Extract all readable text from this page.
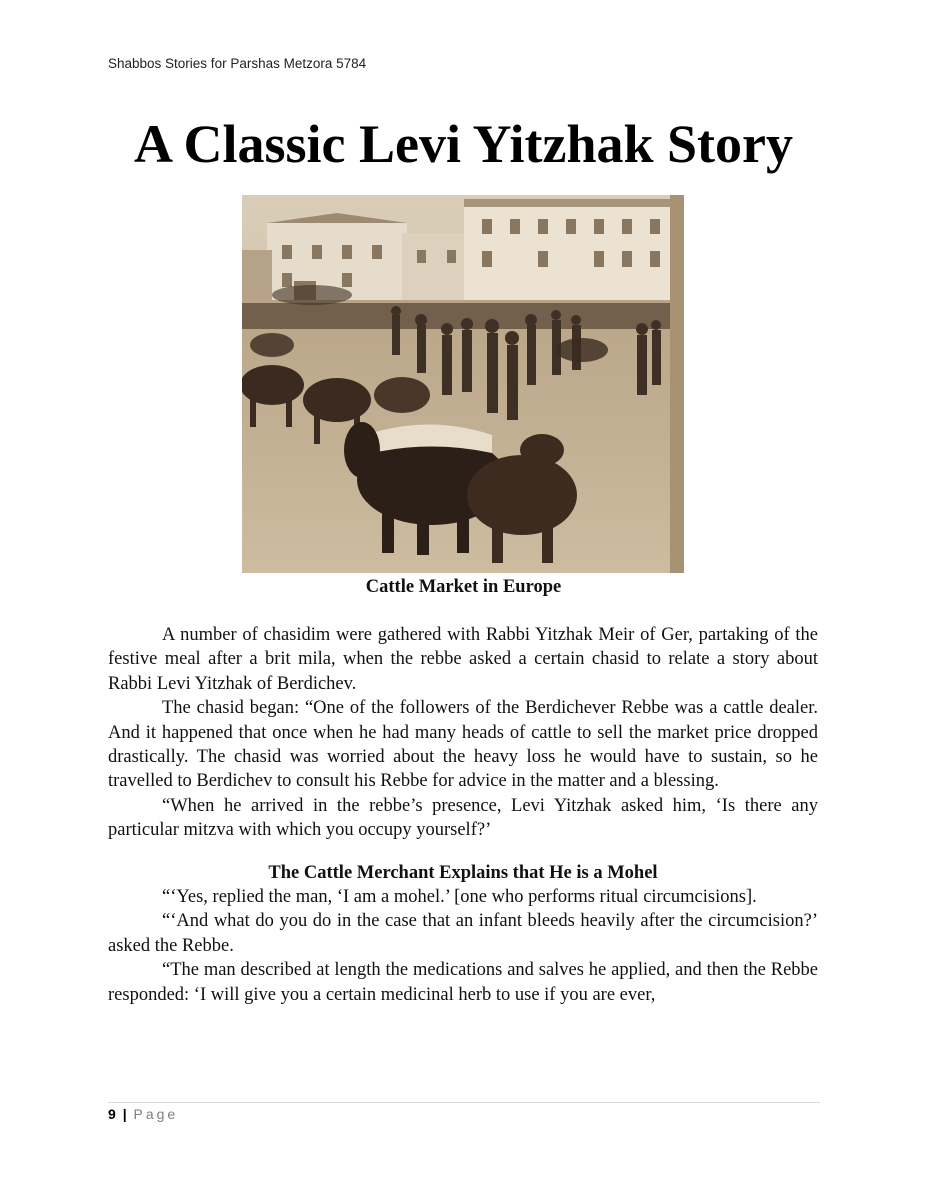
Shabbos Stories for Parshas Metzora 5784
A Classic Levi Yitzhak Story
Cattle Market in Europe

A number of chasidim were gathered with Rabbi Yitzhak Meir of Ger, partaking of the festive meal after a brit mila, when the rebbe asked a certain chasid to relate a story about Rabbi Levi Yitzhak of Berdichev.

The chasid began: “One of the followers of the Berdichever Rebbe was a cattle dealer. And it happened that once when he had many heads of cattle to sell the market price dropped drastically. The chasid was worried about the heavy loss he would have to sustain, so he travelled to Berdichev to consult his Rebbe for advice in the matter and a blessing.

“When he arrived in the rebbe’s presence, Levi Yitzhak asked him, ‘Is there any particular mitzva with which you occupy yourself?’

The Cattle Merchant Explains that He is a Mohel

“‘Yes, replied the man, ‘I am a mohel.’ [one who performs ritual circumcisions].

“‘And what do you do in the case that an infant bleeds heavily after the circumcision?’ asked the Rebbe.

“The man described at length the medications and salves he applied, and then the Rebbe responded: ‘I will give you a certain medicinal herb to use if you are ever,

9 | Page
